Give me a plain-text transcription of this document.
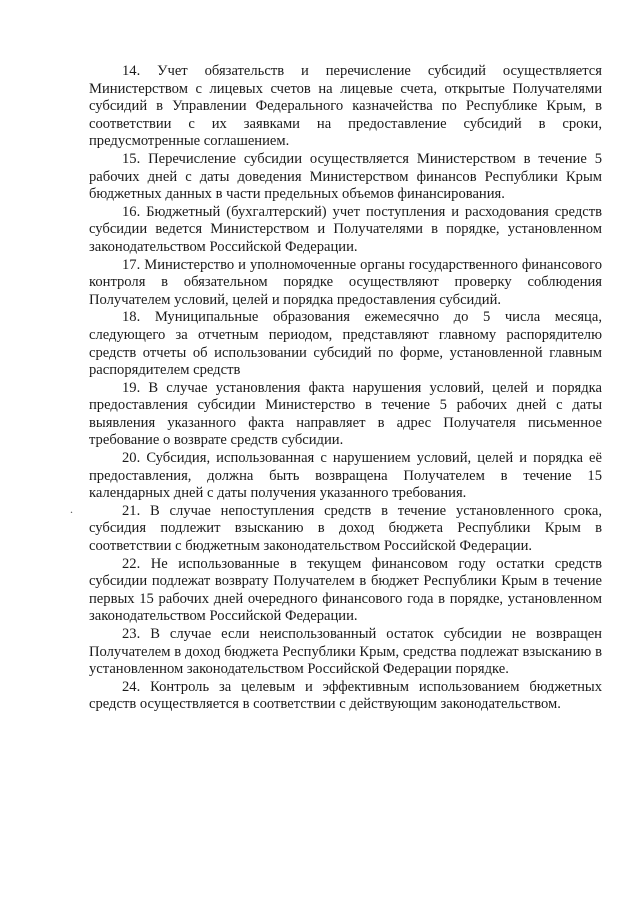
14. Учет обязательств и перечисление субсидий осуществляется Министерством с лицевых счетов на лицевые счета, открытые Получателями субсидий в Управлении Федерального казначейства по Республике Крым, в соответствии с их заявками на предоставление субсидий в сроки, предусмотренные соглашением.

15. Перечисление субсидии осуществляется Министерством в течение 5 рабочих дней с даты доведения Министерством финансов Республики Крым бюджетных данных в части предельных объемов финансирования.

16. Бюджетный (бухгалтерский) учет поступления и расходования средств субсидии ведется Министерством и Получателями в порядке, установленном законодательством Российской Федерации.

17. Министерство и уполномоченные органы государственного финансового контроля в обязательном порядке осуществляют проверку соблюдения Получателем условий, целей и порядка предоставления субсидий.

18. Муниципальные образования ежемесячно до 5 числа месяца, следующего за отчетным периодом, представляют главному распорядителю средств отчеты об использовании субсидий по форме, установленной главным распорядителем средств

19. В случае установления факта нарушения условий, целей и порядка предоставления субсидии Министерство в течение 5 рабочих дней с даты выявления указанного факта направляет в адрес Получателя письменное требование о возврате средств субсидии.

20. Субсидия, использованная с нарушением условий, целей и порядка её предоставления, должна быть возвращена Получателем в течение 15 календарных дней с даты получения указанного требования.

21. В случае непоступления средств в течение установленного срока, субсидия подлежит взысканию в доход бюджета Республики Крым в соответствии с бюджетным законодательством Российской Федерации.

22. Не использованные в текущем финансовом году остатки средств субсидии подлежат возврату Получателем в бюджет Республики Крым в течение первых 15 рабочих дней очередного финансового года в порядке, установленном законодательством Российской Федерации.

23. В случае если неиспользованный остаток субсидии не возвращен Получателем в доход бюджета Республики Крым, средства подлежат взысканию в установленном законодательством Российской Федерации порядке.

24. Контроль за целевым и эффективным использованием бюджетных средств осуществляется в соответствии с действующим законодательством.

.
